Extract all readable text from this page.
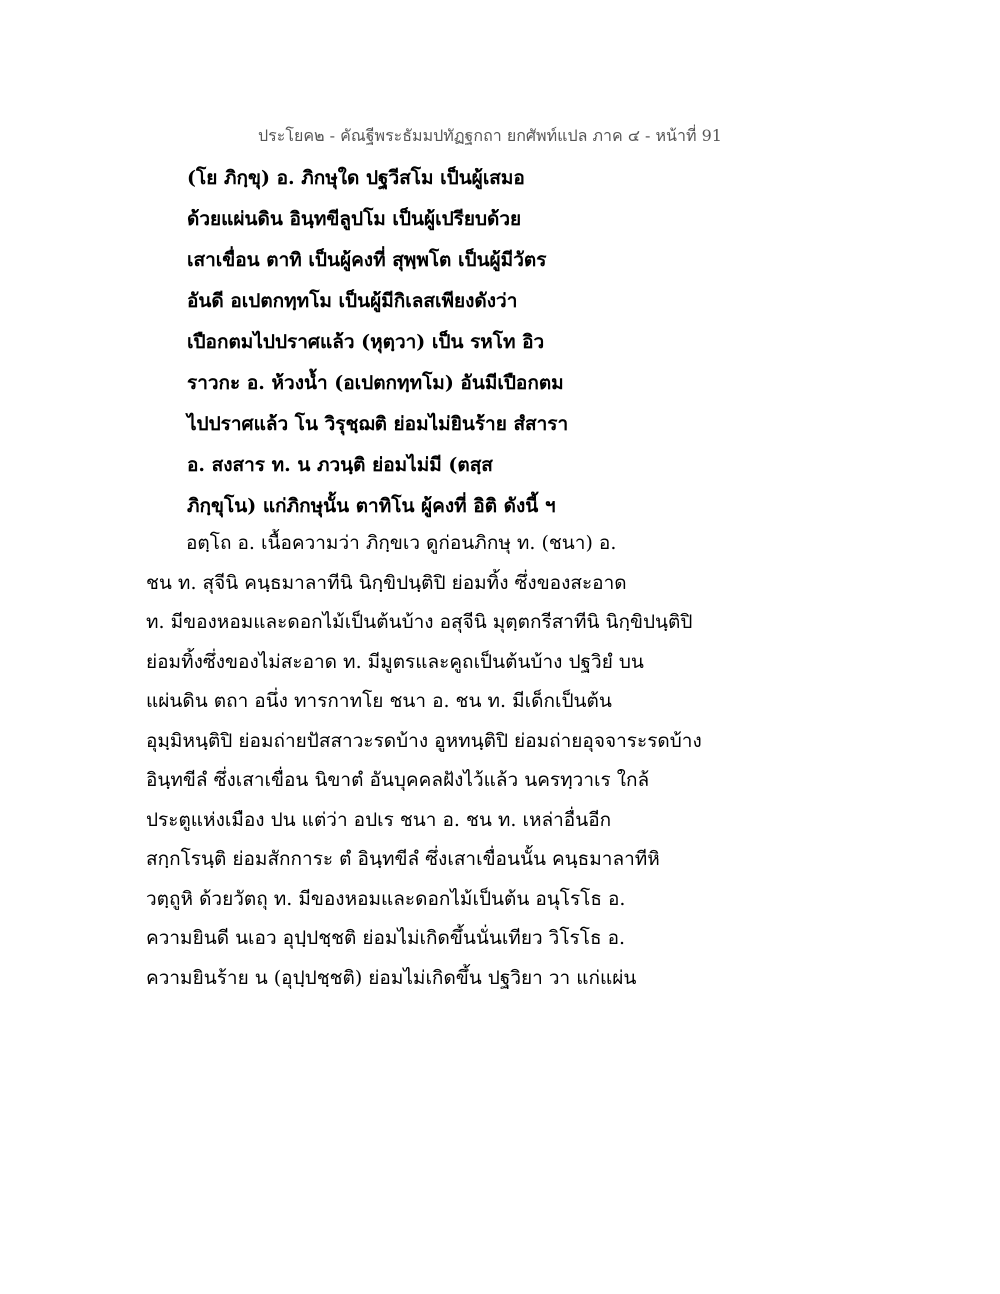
ประโยค๒ - คัณฐีพระธัมมปทัฏฐกถา ยกศัพท์แปล ภาค ๔ - หน้าที่ 91
(โย ภิกฺขุ) อ. ภิกษุใด ปฐวีสโม เป็นผู้เสมอ
ด้วยแผ่นดิน อินฺทขีลูปโม เป็นผู้เปรียบด้วย
เสาเขื่อน ตาทิ เป็นผู้คงที่ สุพฺพโต เป็นผู้มีวัตร
อันดี อเปตกทฺทโม เป็นผู้มีกิเลสเพียงดังว่า
เปือกตมไปปราศแล้ว (หุตฺวา) เป็น รหโท อิว
ราวกะ อ. ห้วงน้ำ (อเปตกทฺทโม) อันมีเปือกตม
ไปปราศแล้ว โน วิรุชฺฌติ ย่อมไม่ยินร้าย สํสารา
อ. สงสาร ท. น ภวนฺติ ย่อมไม่มี (ตสฺส
ภิกฺขุโน) แก่ภิกษุนั้น ตาทิโน ผู้คงที่ อิติ ดังนี้ ฯ
อตฺโถ อ. เนื้อความว่า ภิกฺขเว ดูก่อนภิกษุ ท. (ชนา) อ.
ชน ท. สุจีนิ คนฺธมาลาทีนิ นิกฺขิปนฺติปิ ย่อมทิ้ง ซึ่งของสะอาด
ท. มีของหอมและดอกไม้เป็นต้นบ้าง อสุจีนิ มุตฺตกรีสาทีนิ นิกฺขิปนฺติปิ
ย่อมทิ้งซึ่งของไม่สะอาด ท. มีมูตรและคูถเป็นต้นบ้าง ปฐวิยํ บน
แผ่นดิน ตถา อนึ่ง ทารกาทโย ชนา อ. ชน ท. มีเด็กเป็นต้น
อุมฺมิหนฺติปิ ย่อมถ่ายปัสสาวะรดบ้าง อูหทนฺติปิ ย่อมถ่ายอุจจาระรดบ้าง
อินฺทขีลํ ซึ่งเสาเขื่อน นิขาตํ อันบุคคลฝังไว้แล้ว นครทฺวาเร ใกล้
ประตูแห่งเมือง ปน แต่ว่า อปเร ชนา อ. ชน ท. เหล่าอื่นอีก
สกฺกโรนฺติ ย่อมสักการะ ตํ อินฺทขีลํ ซึ่งเสาเขื่อนนั้น คนฺธมาลาทีหิ
วตฺถูหิ ด้วยวัตถุ ท. มีของหอมและดอกไม้เป็นต้น อนุโรโธ อ.
ความยินดี นเอว อุปฺปชฺชติ ย่อมไม่เกิดขึ้นนั่นเทียว วิโรโธ อ.
ความยินร้าย น (อุปฺปชฺชติ) ย่อมไม่เกิดขึ้น ปฐวิยา วา แก่แผ่น
